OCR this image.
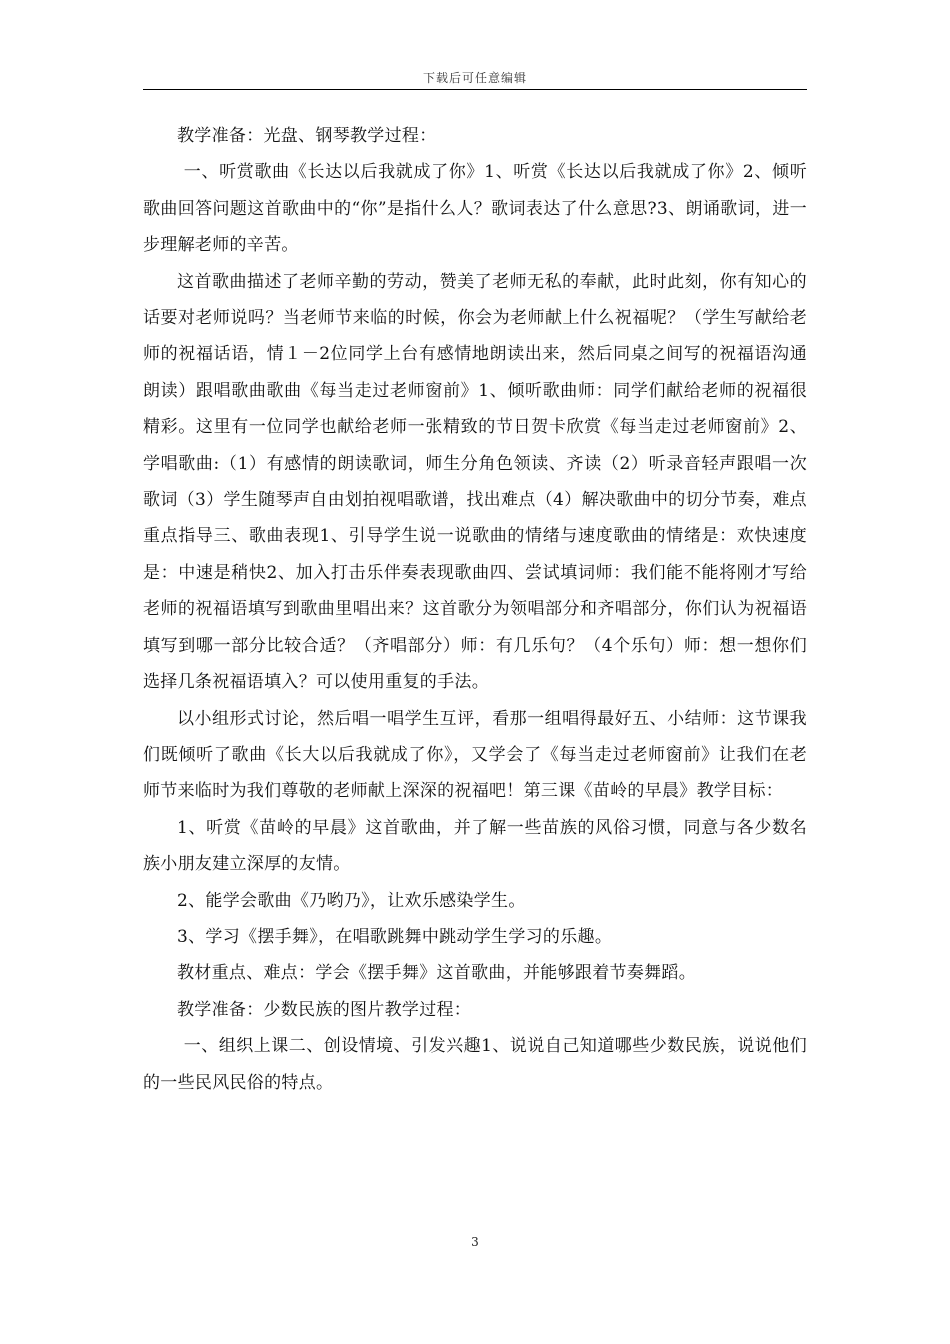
下载后可任意编辑

教学准备：光盘、钢琴教学过程：

一、听赏歌曲《长达以后我就成了你》1、听赏《长达以后我就成了你》2、倾听歌曲回答问题这首歌曲中的“你”是指什么人？歌词表达了什么意思?3、朗诵歌词，进一步理解老师的辛苦。

这首歌曲描述了老师辛勤的劳动，赞美了老师无私的奉献，此时此刻，你有知心的话要对老师说吗？当老师节来临的时候，你会为老师献上什么祝福呢？（学生写献给老师的祝福话语，情１－2位同学上台有感情地朗读出来，然后同桌之间写的祝福语沟通朗读）跟唱歌曲歌曲《每当走过老师窗前》1、倾听歌曲师：同学们献给老师的祝福很精彩。这里有一位同学也献给老师一张精致的节日贺卡欣赏《每当走过老师窗前》2、学唱歌曲:（1）有感情的朗读歌词，师生分角色领读、齐读（2）听录音轻声跟唱一次歌词（3）学生随琴声自由划拍视唱歌谱，找出难点（4）解决歌曲中的切分节奏，难点重点指导三、歌曲表现1、引导学生说一说歌曲的情绪与速度歌曲的情绪是：欢快速度是：中速是稍快2、加入打击乐伴奏表现歌曲四、尝试填词师：我们能不能将刚才写给老师的祝福语填写到歌曲里唱出来？这首歌分为领唱部分和齐唱部分，你们认为祝福语填写到哪一部分比较合适？（齐唱部分）师：有几乐句？（4个乐句）师：想一想你们选择几条祝福语填入？可以使用重复的手法。

以小组形式讨论，然后唱一唱学生互评，看那一组唱得最好五、小结师：这节课我们既倾听了歌曲《长大以后我就成了你》，又学会了《每当走过老师窗前》让我们在老师节来临时为我们尊敬的老师献上深深的祝福吧！第三课《苗岭的早晨》教学目标：

1、听赏《苗岭的早晨》这首歌曲，并了解一些苗族的风俗习惯，同意与各少数名族小朋友建立深厚的友情。

2、能学会歌曲《乃哟乃》，让欢乐感染学生。

3、学习《摆手舞》，在唱歌跳舞中跳动学生学习的乐趣。

教材重点、难点：学会《摆手舞》这首歌曲，并能够跟着节奏舞蹈。

教学准备：少数民族的图片教学过程：

一、组织上课二、创设情境、引发兴趣1、说说自己知道哪些少数民族，说说他们的一些民风民俗的特点。

3
